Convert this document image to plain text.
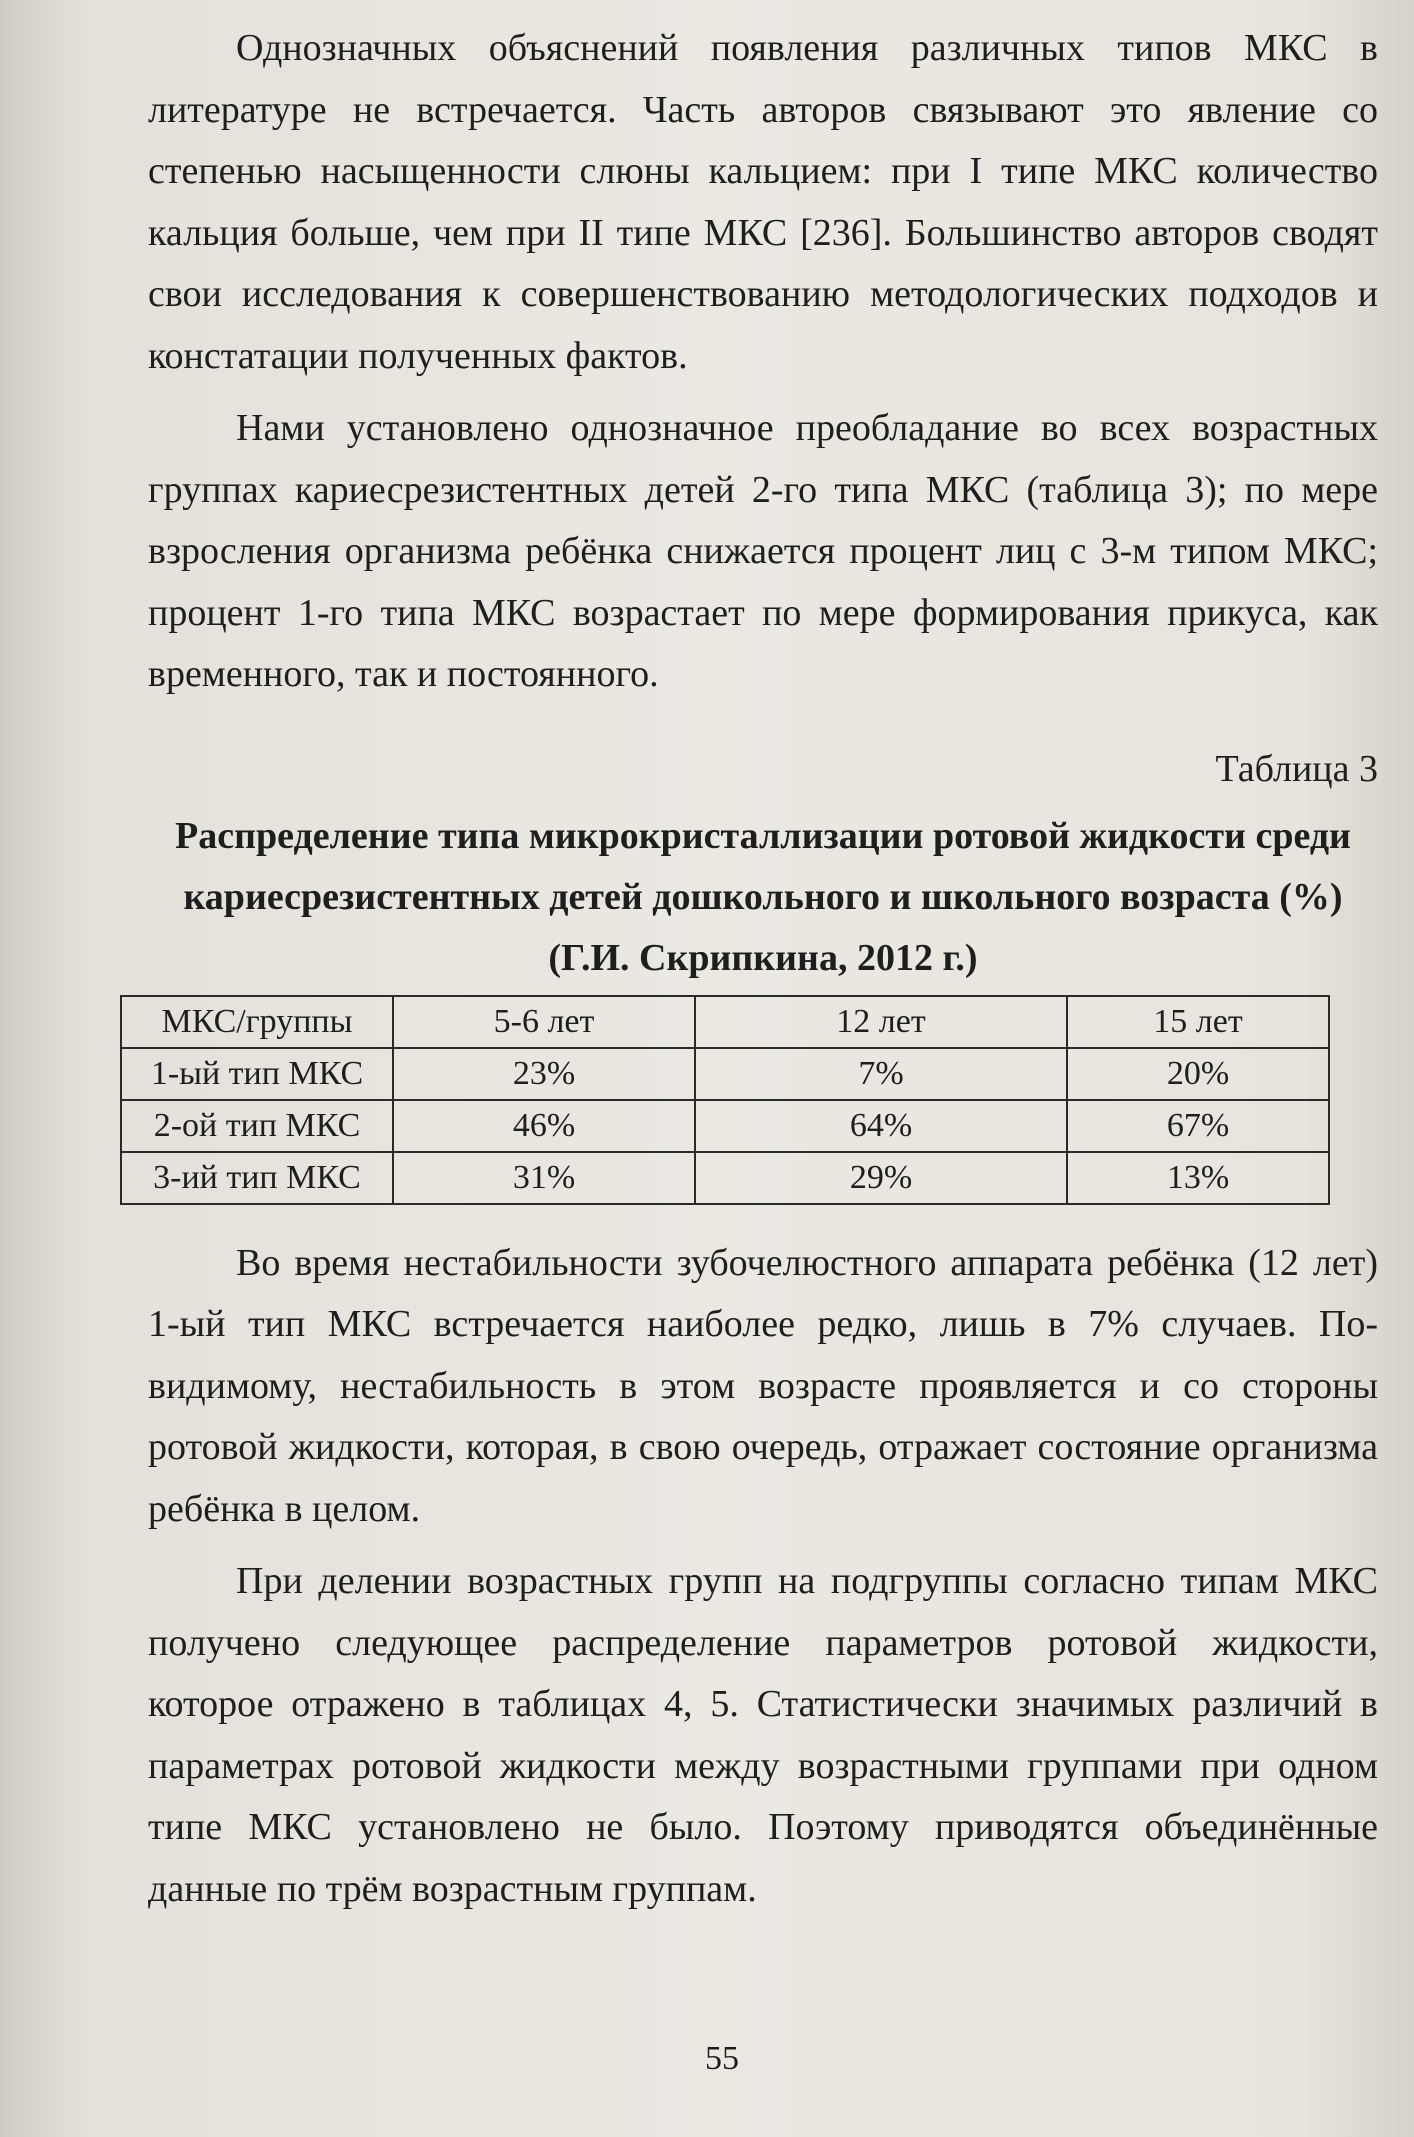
Однозначных объяснений появления различных типов МКС в литературе не встречается. Часть авторов связывают это явление со степенью насыщенности слюны кальцием: при I типе МКС количество кальция больше, чем при II типе МКС [236]. Большинство авторов сводят свои исследования к совершенствованию методологических подходов и констатации полученных фактов.

Нами установлено однозначное преобладание во всех возрастных группах кариесрезистентных детей 2-го типа МКС (таблица 3); по мере взросления организма ребёнка снижается процент лиц с 3-м типом МКС; процент 1-го типа МКС возрастает по мере формирования прикуса, как временного, так и постоянного.

Таблица 3
Распределение типа микрокристаллизации ротовой жидкости среди кариесрезистентных детей дошкольного и школьного возраста (%)
(Г.И. Скрипкина, 2012 г.)
МКС/группы	5-6 лет	12 лет	15 лет
1-ый тип МКС	23%	7%	20%
2-ой тип МКС	46%	64%	67%
3-ий тип МКС	31%	29%	13%

Во время нестабильности зубочелюстного аппарата ребёнка (12 лет) 1-ый тип МКС встречается наиболее редко, лишь в 7% случаев. По-видимому, нестабильность в этом возрасте проявляется и со стороны ротовой жидкости, которая, в свою очередь, отражает состояние организма ребёнка в целом.

При делении возрастных групп на подгруппы согласно типам МКС получено следующее распределение параметров ротовой жидкости, которое отражено в таблицах 4, 5. Статистически значимых различий в параметрах ротовой жидкости между возрастными группами при одном типе МКС установлено не было. Поэтому приводятся объединённые данные по трём возрастным группам.

55
